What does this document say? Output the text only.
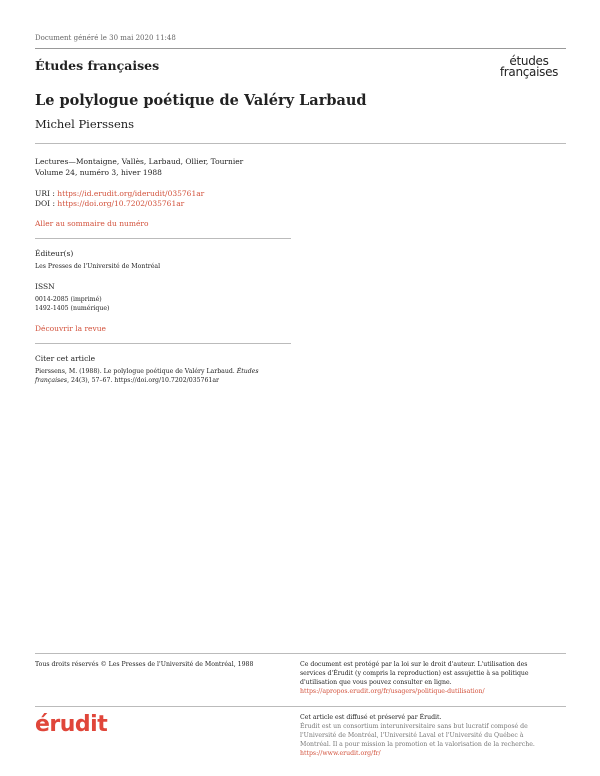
Document généré le 30 mai 2020 11:48
Études françaises	études
françaises
Le polylogue poétique de Valéry Larbaud
Michel Pierssens
Lectures—Montaigne, Vallès, Larbaud, Ollier, Tournier
Volume 24, numéro 3, hiver 1988
URI : https://id.erudit.org/iderudit/035761ar
DOI : https://doi.org/10.7202/035761ar
Aller au sommaire du numéro
Éditeur(s)
Les Presses de l'Université de Montréal
ISSN
0014-2085 (imprimé)
1492-1405 (numérique)
Découvrir la revue
Citer cet article
Pierssens, M. (1988). Le polylogue poétique de Valéry Larbaud. Études
françaises, 24(3), 57–67. https://doi.org/10.7202/035761ar
Tous droits réservés © Les Presses de l'Université de Montréal, 1988	Ce document est protégé par la loi sur le droit d'auteur. L'utilisation des
services d'Érudit (y compris la reproduction) est assujettie à sa politique
d'utilisation que vous pouvez consulter en ligne.
https://apropos.erudit.org/fr/usagers/politique-dutilisation/
érudit	Cet article est diffusé et préservé par Érudit.
Érudit est un consortium interuniversitaire sans but lucratif composé de
l'Université de Montréal, l'Université Laval et l'Université du Québec à
Montréal. Il a pour mission la promotion et la valorisation de la recherche.
https://www.erudit.org/fr/
